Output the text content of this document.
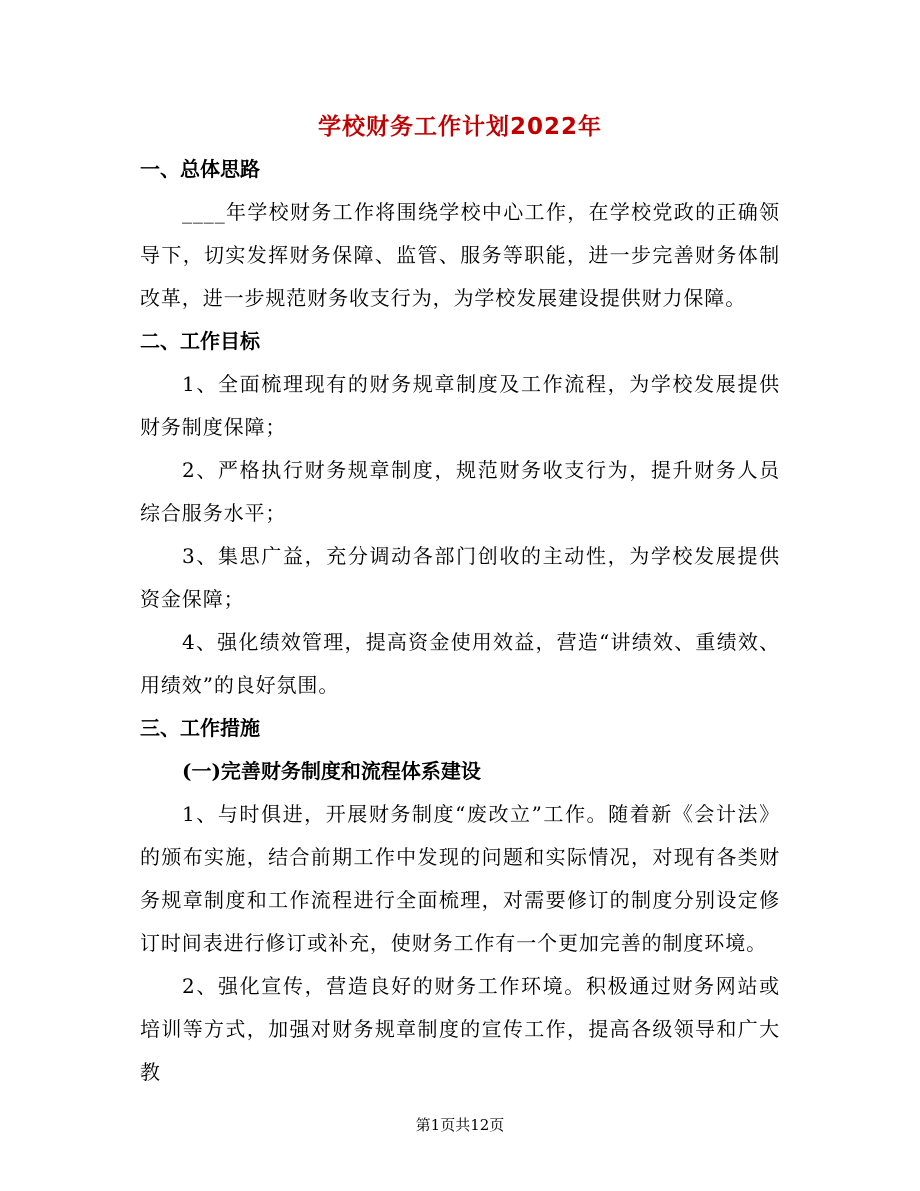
学校财务工作计划2022年
一、总体思路

____年学校财务工作将围绕学校中心工作，在学校党政的正确领导下，切实发挥财务保障、监管、服务等职能，进一步完善财务体制改革，进一步规范财务收支行为，为学校发展建设提供财力保障。

二、工作目标

1、全面梳理现有的财务规章制度及工作流程，为学校发展提供财务制度保障；

2、严格执行财务规章制度，规范财务收支行为，提升财务人员综合服务水平；

3、集思广益，充分调动各部门创收的主动性，为学校发展提供资金保障；

4、强化绩效管理，提高资金使用效益，营造“讲绩效、重绩效、用绩效”的良好氛围。

三、工作措施
(一)完善财务制度和流程体系建设

1、与时俱进，开展财务制度“废改立”工作。随着新《会计法》的颁布实施，结合前期工作中发现的问题和实际情况，对现有各类财务规章制度和工作流程进行全面梳理，对需要修订的制度分别设定修订时间表进行修订或补充，使财务工作有一个更加完善的制度环境。

2、强化宣传，营造良好的财务工作环境。积极通过财务网站或培训等方式，加强对财务规章制度的宣传工作，提高各级领导和广大教

第1页共12页
